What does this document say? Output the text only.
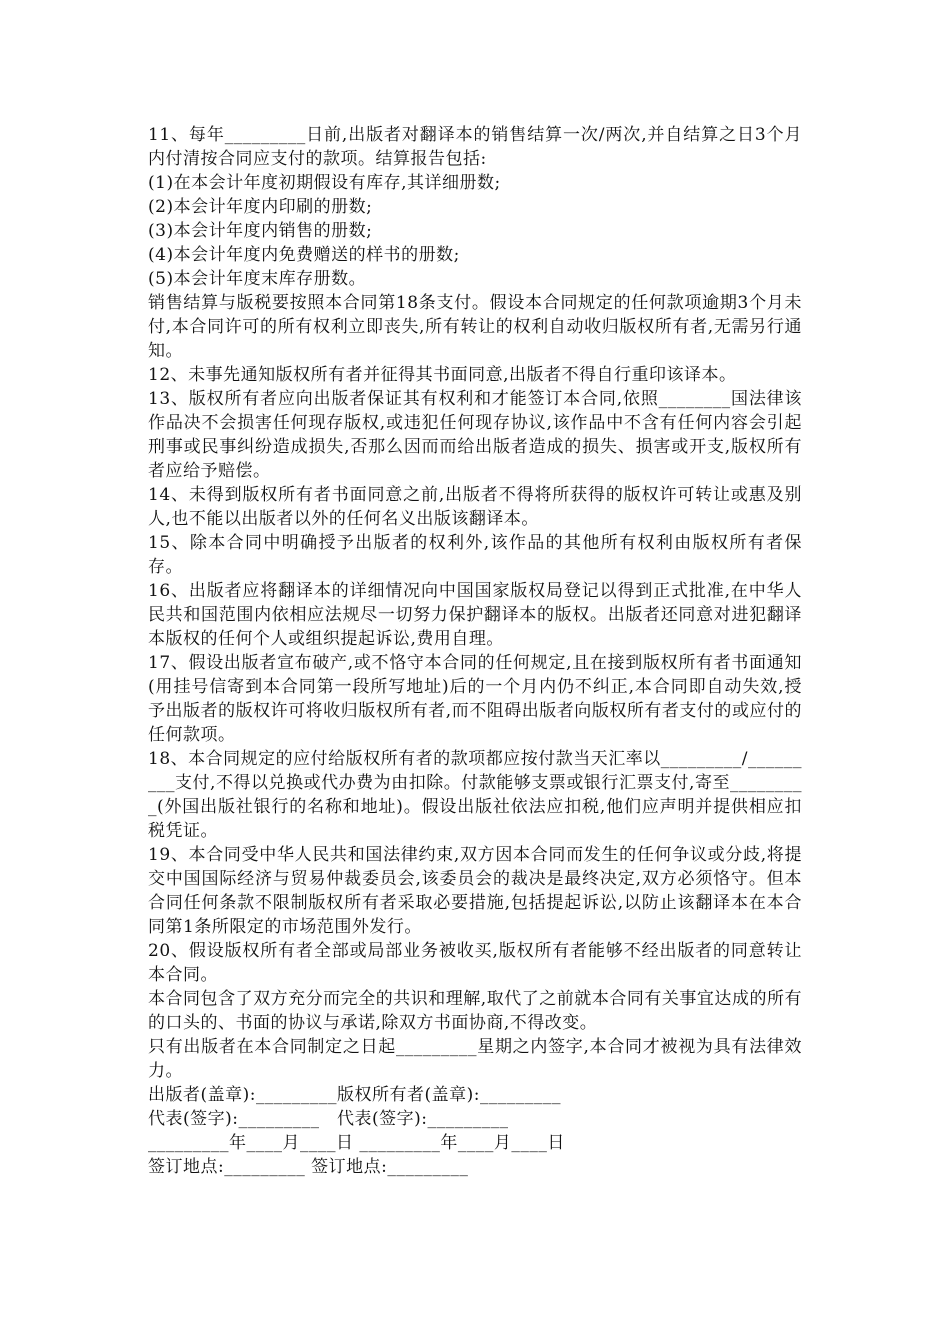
11、每年_________日前,出版者对翻译本的销售结算一次/两次,并自结算之日3个月内付清按合同应支付的款项。结算报告包括:

(1)在本会计年度初期假设有库存,其详细册数;

(2)本会计年度内印刷的册数;

(3)本会计年度内销售的册数;

(4)本会计年度内免费赠送的样书的册数;

(5)本会计年度末库存册数。

销售结算与版税要按照本合同第18条支付。假设本合同规定的任何款项逾期3个月未付,本合同许可的所有权利立即丧失,所有转让的权利自动收归版权所有者,无需另行通知。

12、未事先通知版权所有者并征得其书面同意,出版者不得自行重印该译本。

13、版权所有者应向出版者保证其有权利和才能签订本合同,依照________国法律该作品决不会损害任何现存版权,或违犯任何现存协议,该作品中不含有任何内容会引起刑事或民事纠纷造成损失,否那么因而而给出版者造成的损失、损害或开支,版权所有者应给予赔偿。

14、未得到版权所有者书面同意之前,出版者不得将所获得的版权许可转让或惠及别人,也不能以出版者以外的任何名义出版该翻译本。

15、除本合同中明确授予出版者的权利外,该作品的其他所有权利由版权所有者保存。

16、出版者应将翻译本的详细情况向中国国家版权局登记以得到正式批准,在中华人民共和国范围内依相应法规尽一切努力保护翻译本的版权。出版者还同意对进犯翻译本版权的任何个人或组织提起诉讼,费用自理。

17、假设出版者宣布破产,或不恪守本合同的任何规定,且在接到版权所有者书面通知(用挂号信寄到本合同第一段所写地址)后的一个月内仍不纠正,本合同即自动失效,授予出版者的版权许可将收归版权所有者,而不阻碍出版者向版权所有者支付的或应付的任何款项。

18、本合同规定的应付给版权所有者的款项都应按付款当天汇率以_________/_________支付,不得以兑换或代办费为由扣除。付款能够支票或银行汇票支付,寄至_________(外国出版社银行的名称和地址)。假设出版社依法应扣税,他们应声明并提供相应扣税凭证。

19、本合同受中华人民共和国法律约束,双方因本合同而发生的任何争议或分歧,将提交中国国际经济与贸易仲裁委员会,该委员会的裁决是最终决定,双方必须恪守。但本合同任何条款不限制版权所有者采取必要措施,包括提起诉讼,以防止该翻译本在本合同第1条所限定的市场范围外发行。

20、假设版权所有者全部或局部业务被收买,版权所有者能够不经出版者的同意转让本合同。

本合同包含了双方充分而完全的共识和理解,取代了之前就本合同有关事宜达成的所有的口头的、书面的协议与承诺,除双方书面协商,不得改变。

只有出版者在本合同制定之日起_________星期之内签字,本合同才被视为具有法律效力。

出版者(盖章):_________版权所有者(盖章):_________

代表(签字):_________　代表(签字):_________

_________年____月____日 _________年____月____日

签订地点:_________ 签订地点:_________
